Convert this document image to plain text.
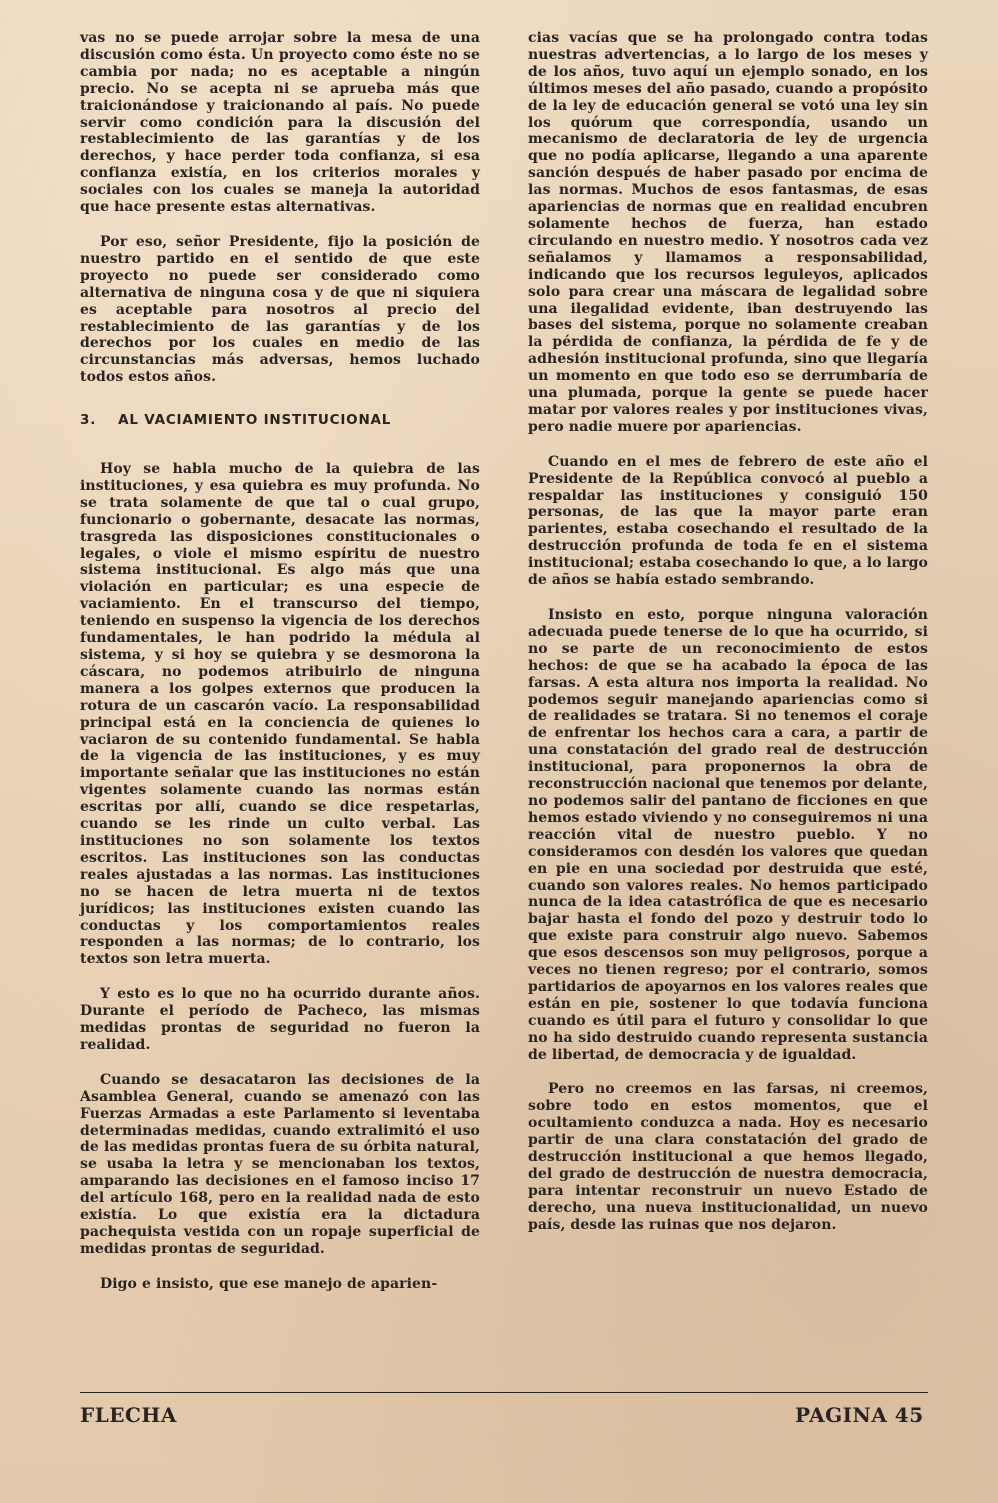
vas no se puede arrojar sobre la mesa de una discusión como ésta. Un proyecto como éste no se cambia por nada; no es aceptable a ningún precio. No se acepta ni se aprueba más que traicionándose y traicionando al país. No puede servir como condición para la discusión del restablecimiento de las garantías y de los derechos, y hace perder toda confianza, si esa confianza existía, en los criterios morales y sociales con los cuales se maneja la autoridad que hace presente estas alternativas.

Por eso, señor Presidente, fijo la posición de nuestro partido en el sentido de que este proyecto no puede ser considerado como alternativa de ninguna cosa y de que ni siquiera es aceptable para nosotros al precio del restablecimiento de las garantías y de los derechos por los cuales en medio de las circunstancias más adversas, hemos luchado todos estos años.

3. AL VACIAMIENTO INSTITUCIONAL

Hoy se habla mucho de la quiebra de las instituciones, y esa quiebra es muy profunda. No se trata solamente de que tal o cual grupo, funcionario o gobernante, desacate las normas, trasgreda las disposiciones constitucionales o legales, o viole el mismo espíritu de nuestro sistema institucional. Es algo más que una violación en particular; es una especie de vaciamiento. En el transcurso del tiempo, teniendo en suspenso la vigencia de los derechos fundamentales, le han podrido la médula al sistema, y si hoy se quiebra y se desmorona la cáscara, no podemos atribuirlo de ninguna manera a los golpes externos que producen la rotura de un cascarón vacío. La responsabilidad principal está en la conciencia de quienes lo vaciaron de su contenido fundamental. Se habla de la vigencia de las instituciones, y es muy importante señalar que las instituciones no están vigentes solamente cuando las normas están escritas por allí, cuando se dice respetarlas, cuando se les rinde un culto verbal. Las instituciones no son solamente los textos escritos. Las instituciones son las conductas reales ajustadas a las normas. Las instituciones no se hacen de letra muerta ni de textos jurídicos; las instituciones existen cuando las conductas y los comportamientos reales responden a las normas; de lo contrario, los textos son letra muerta.

Y esto es lo que no ha ocurrido durante años. Durante el período de Pacheco, las mismas medidas prontas de seguridad no fueron la realidad.

Cuando se desacataron las decisiones de la Asamblea General, cuando se amenazó con las Fuerzas Armadas a este Parlamento si leventaba determinadas medidas, cuando extralimitó el uso de las medidas prontas fuera de su órbita natural, se usaba la letra y se mencionaban los textos, amparando las decisiones en el famoso inciso 17 del artículo 168, pero en la realidad nada de esto existía. Lo que existía era la dictadura pachequista vestida con un ropaje superficial de medidas prontas de seguridad.

Digo e insisto, que ese manejo de aparien-

cias vacías que se ha prolongado contra todas nuestras advertencias, a lo largo de los meses y de los años, tuvo aquí un ejemplo sonado, en los últimos meses del año pasado, cuando a propósito de la ley de educación general se votó una ley sin los quórum que correspondía, usando un mecanismo de declaratoria de ley de urgencia que no podía aplicarse, llegando a una aparente sanción después de haber pasado por encima de las normas. Muchos de esos fantasmas, de esas apariencias de normas que en realidad encubren solamente hechos de fuerza, han estado circulando en nuestro medio. Y nosotros cada vez señalamos y llamamos a responsabilidad, indicando que los recursos leguleyos, aplicados solo para crear una máscara de legalidad sobre una ilegalidad evidente, iban destruyendo las bases del sistema, porque no solamente creaban la pérdida de confianza, la pérdida de fe y de adhesión institucional profunda, sino que llegaría un momento en que todo eso se derrumbaría de una plumada, porque la gente se puede hacer matar por valores reales y por instituciones vivas, pero nadie muere por apariencias.

Cuando en el mes de febrero de este año el Presidente de la República convocó al pueblo a respaldar las instituciones y consiguió 150 personas, de las que la mayor parte eran parientes, estaba cosechando el resultado de la destrucción profunda de toda fe en el sistema institucional; estaba cosechando lo que, a lo largo de años se había estado sembrando.

Insisto en esto, porque ninguna valoración adecuada puede tenerse de lo que ha ocurrido, si no se parte de un reconocimiento de estos hechos: de que se ha acabado la época de las farsas. A esta altura nos importa la realidad. No podemos seguir manejando apariencias como si de realidades se tratara. Si no tenemos el coraje de enfrentar los hechos cara a cara, a partir de una constatación del grado real de destrucción institucional, para proponernos la obra de reconstrucción nacional que tenemos por delante, no podemos salir del pantano de ficciones en que hemos estado viviendo y no conseguiremos ni una reacción vital de nuestro pueblo. Y no consideramos con desdén los valores que quedan en pie en una sociedad por destruida que esté, cuando son valores reales. No hemos participado nunca de la idea catastrófica de que es necesario bajar hasta el fondo del pozo y destruir todo lo que existe para construir algo nuevo. Sabemos que esos descensos son muy peligrosos, porque a veces no tienen regreso; por el contrario, somos partidarios de apoyarnos en los valores reales que están en pie, sostener lo que todavía funciona cuando es útil para el futuro y consolidar lo que no ha sido destruido cuando representa sustancia de libertad, de democracia y de igualdad.

Pero no creemos en las farsas, ni creemos, sobre todo en estos momentos, que el ocultamiento conduzca a nada. Hoy es necesario partir de una clara constatación del grado de destrucción institucional a que hemos llegado, del grado de destrucción de nuestra democracia, para intentar reconstruir un nuevo Estado de derecho, una nueva institucionalidad, un nuevo país, desde las ruinas que nos dejaron.

FLECHA	PAGINA 45
